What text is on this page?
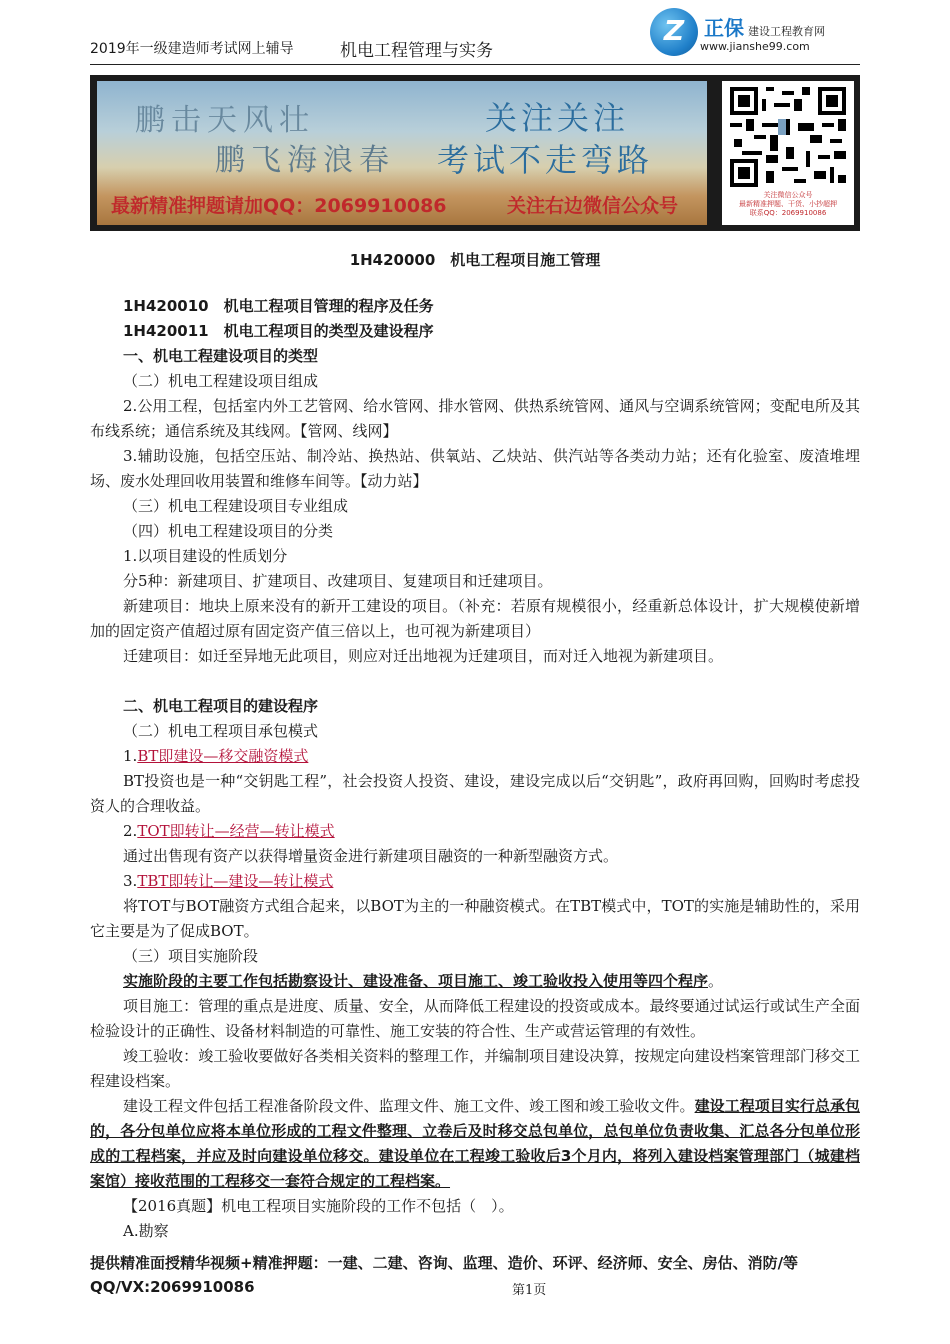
2019年一级建造师考试网上辅导	机电工程管理与实务
Z 正保 建设工程教育网
www.jianshe99.com
鹏击天风壮
鹏飞海浪春
关注关注
考试不走弯路
最新精准押题请加QQ：2069910086	关注右边微信公众号	关注微信公众号
最新精准押题、干货、小抄超押
联系QQ：2069910086

1H420000　机电工程项目施工管理

1H420010　机电工程项目管理的程序及任务

1H420011　机电工程项目的类型及建设程序

一、机电工程建设项目的类型

（二）机电工程建设项目组成

2.公用工程，包括室内外工艺管网、给水管网、排水管网、供热系统管网、通风与空调系统管网；变配电所及其布线系统；通信系统及其线网。【管网、线网】

3.辅助设施，包括空压站、制冷站、换热站、供氧站、乙炔站、供汽站等各类动力站；还有化验室、废渣堆埋场、废水处理回收用装置和维修车间等。【动力站】

（三）机电工程建设项目专业组成

（四）机电工程建设项目的分类

1.以项目建设的性质划分

分5种：新建项目、扩建项目、改建项目、复建项目和迁建项目。

新建项目：地块上原来没有的新开工建设的项目。（补充：若原有规模很小，经重新总体设计，扩大规模使新增加的固定资产值超过原有固定资产值三倍以上，也可视为新建项目）

迁建项目：如迁至异地无此项目，则应对迁出地视为迁建项目，而对迁入地视为新建项目。

二、机电工程项目的建设程序

（二）机电工程项目承包模式

1.BT即建设—移交融资模式

BT投资也是一种“交钥匙工程”，社会投资人投资、建设，建设完成以后“交钥匙”，政府再回购，回购时考虑投资人的合理收益。

2.TOT即转让—经营—转让模式

通过出售现有资产以获得增量资金进行新建项目融资的一种新型融资方式。

3.TBT即转让—建设—转让模式

将TOT与BOT融资方式组合起来，以BOT为主的一种融资模式。在TBT模式中，TOT的实施是辅助性的，采用它主要是为了促成BOT。

（三）项目实施阶段

实施阶段的主要工作包括勘察设计、建设准备、项目施工、竣工验收投入使用等四个程序。

项目施工：管理的重点是进度、质量、安全，从而降低工程建设的投资或成本。最终要通过试运行或试生产全面检验设计的正确性、设备材料制造的可靠性、施工安装的符合性、生产或营运管理的有效性。

竣工验收：竣工验收要做好各类相关资料的整理工作，并编制项目建设决算，按规定向建设档案管理部门移交工程建设档案。

建设工程文件包括工程准备阶段文件、监理文件、施工文件、竣工图和竣工验收文件。建设工程项目实行总承包的，各分包单位应将本单位形成的工程文件整理、立卷后及时移交总包单位，总包单位负责收集、汇总各分包单位形成的工程档案，并应及时向建设单位移交。建设单位在工程竣工验收后3个月内，将列入建设档案管理部门（城建档案馆）接收范围的工程移交一套符合规定的工程档案。

【2016真题】机电工程项目实施阶段的工作不包括（　）。

A.勘察

提供精准面授精华视频+精准押题：一建、二建、咨询、监理、造价、环评、经济师、安全、房估、消防/等
QQ/VX:2069910086	第1页
